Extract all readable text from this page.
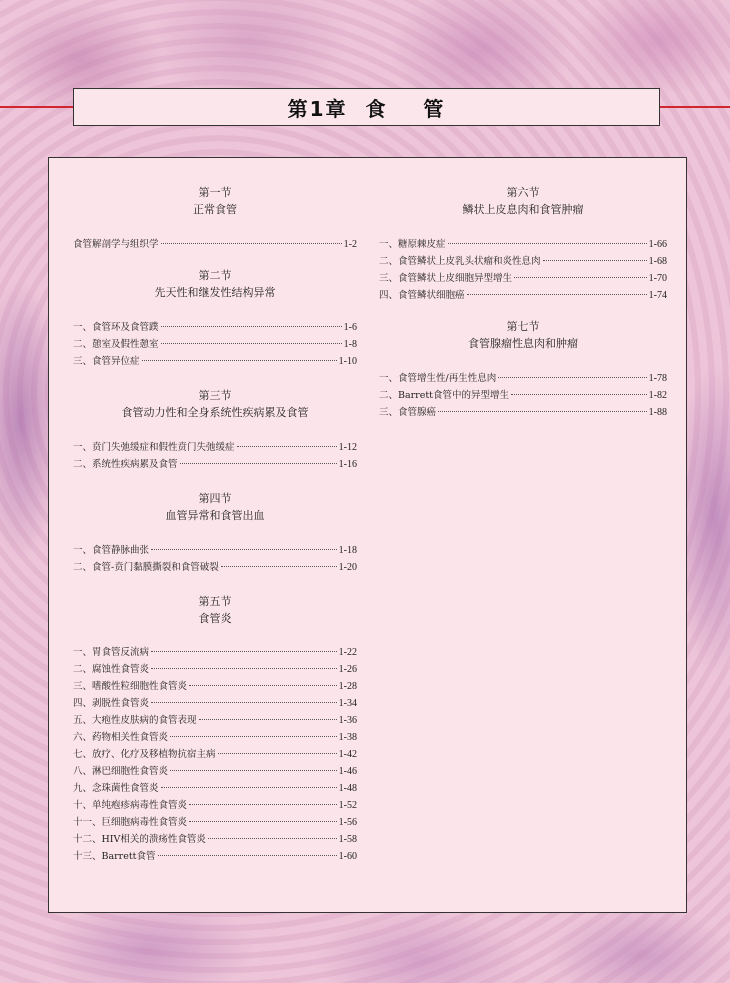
第1章  食    管
第一节
正常食管
食管解剖学与组织学	1-2
第二节
先天性和继发性结构异常
一、食管环及食管蹼	1-6
二、憩室及假性憩室	1-8
三、食管异位症	1-10
第三节
食管动力性和全身系统性疾病累及食管
一、贲门失弛缓症和假性贲门失弛缓症	1-12
二、系统性疾病累及食管	1-16
第四节
血管异常和食管出血
一、食管静脉曲张	1-18
二、食管-贲门黏膜撕裂和食管破裂	1-20
第五节
食管炎
一、胃食管反流病	1-22
二、腐蚀性食管炎	1-26
三、嗜酸性粒细胞性食管炎	1-28
四、剥脱性食管炎	1-34
五、大疱性皮肤病的食管表现	1-36
六、药物相关性食管炎	1-38
七、放疗、化疗及移植物抗宿主病	1-42
八、淋巴细胞性食管炎	1-46
九、念珠菌性食管炎	1-48
十、单纯疱疹病毒性食管炎	1-52
十一、巨细胞病毒性食管炎	1-56
十二、HIV相关的溃疡性食管炎	1-58
十三、Barrett食管	1-60
第六节
鳞状上皮息肉和食管肿瘤
一、糖原棘皮症	1-66
二、食管鳞状上皮乳头状瘤和炎性息肉	1-68
三、食管鳞状上皮细胞异型增生	1-70
四、食管鳞状细胞癌	1-74
第七节
食管腺瘤性息肉和肿瘤
一、食管增生性/再生性息肉	1-78
二、Barrett食管中的异型增生	1-82
三、食管腺癌	1-88
